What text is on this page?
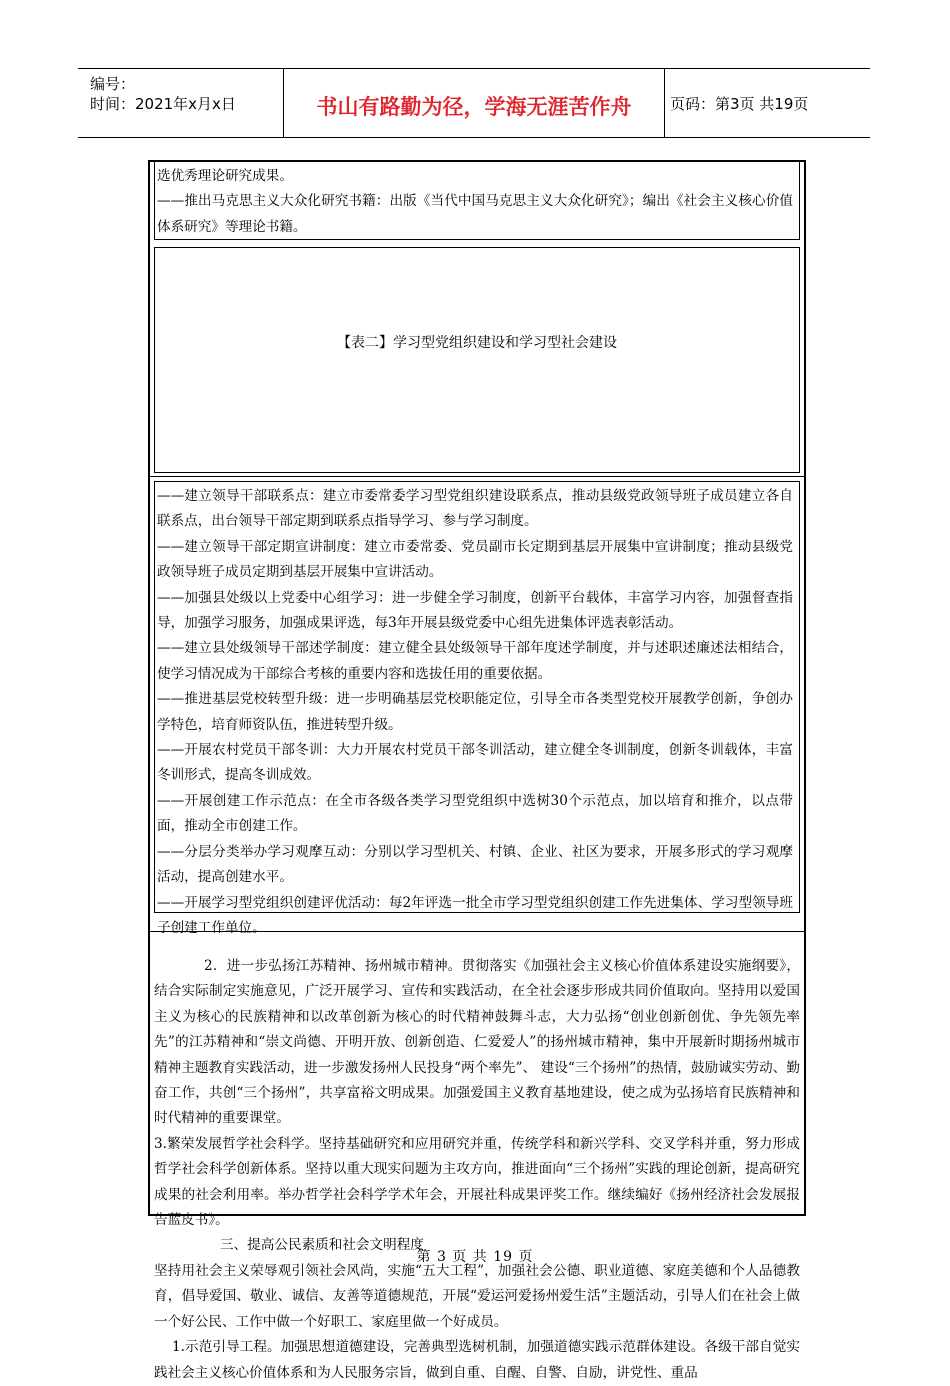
编号：
时间：2021年x月x日	书山有路勤为径，学海无涯苦作舟	页码：第3页 共19页

选优秀理论研究成果。

——推出马克思主义大众化研究书籍：出版《当代中国马克思主义大众化研究》；编出《社会主义核心价值体系研究》等理论书籍。

【表二】学习型党组织建设和学习型社会建设

——建立领导干部联系点：建立市委常委学习型党组织建设联系点，推动县级党政领导班子成员建立各自联系点，出台领导干部定期到联系点指导学习、参与学习制度。

——建立领导干部定期宣讲制度：建立市委常委、党员副市长定期到基层开展集中宣讲制度；推动县级党政领导班子成员定期到基层开展集中宣讲活动。

——加强县处级以上党委中心组学习：进一步健全学习制度，创新平台载体，丰富学习内容，加强督查指导，加强学习服务，加强成果评选，每3年开展县级党委中心组先进集体评选表彰活动。

——建立县处级领导干部述学制度：建立健全县处级领导干部年度述学制度，并与述职述廉述法相结合，使学习情况成为干部综合考核的重要内容和选拔任用的重要依据。

——推进基层党校转型升级：进一步明确基层党校职能定位，引导全市各类型党校开展教学创新，争创办学特色，培育师资队伍，推进转型升级。

——开展农村党员干部冬训：大力开展农村党员干部冬训活动，建立健全冬训制度，创新冬训载体，丰富冬训形式，提高冬训成效。

——开展创建工作示范点：在全市各级各类学习型党组织中选树30个示范点，加以培育和推介，以点带面，推动全市创建工作。

——分层分类举办学习观摩互动：分别以学习型机关、村镇、企业、社区为要求，开展多形式的学习观摩活动，提高创建水平。

——开展学习型党组织创建评优活动：每2年评选一批全市学习型党组织创建工作先进集体、学习型领导班子创建工作单位。

2．进一步弘扬江苏精神、扬州城市精神。贯彻落实《加强社会主义核心价值体系建设实施纲要》，结合实际制定实施意见，广泛开展学习、宣传和实践活动，在全社会逐步形成共同价值取向。坚持用以爱国主义为核心的民族精神和以改革创新为核心的时代精神鼓舞斗志，大力弘扬“创业创新创优、争先领先率先”的江苏精神和“崇文尚德、开明开放、创新创造、仁爱爱人”的扬州城市精神，集中开展新时期扬州城市精神主题教育实践活动，进一步激发扬州人民投身“两个率先”、 建设“三个扬州”的热情，鼓励诚实劳动、勤奋工作，共创“三个扬州”，共享富裕文明成果。加强爱国主义教育基地建设，使之成为弘扬培育民族精神和时代精神的重要课堂。

3.繁荣发展哲学社会科学。坚持基础研究和应用研究并重，传统学科和新兴学科、交叉学科并重，努力形成哲学社会科学创新体系。坚持以重大现实问题为主攻方向，推进面向“三个扬州”实践的理论创新，提高研究成果的社会利用率。举办哲学社会科学学术年会，开展社科成果评奖工作。继续编好《扬州经济社会发展报告蓝皮书》。

三、提高公民素质和社会文明程度

坚持用社会主义荣辱观引领社会风尚，实施“五大工程”，加强社会公德、职业道德、家庭美德和个人品德教育，倡导爱国、敬业、诚信、友善等道德规范，开展“爱运河爱扬州爱生活”主题活动，引导人们在社会上做一个好公民、工作中做一个好职工、家庭里做一个好成员。

1.示范引导工程。加强思想道德建设，完善典型选树机制，加强道德实践示范群体建设。各级干部自觉实践社会主义核心价值体系和为人民服务宗旨，做到自重、自醒、自警、自励，讲党性、重品

第 3 页 共 19 页
